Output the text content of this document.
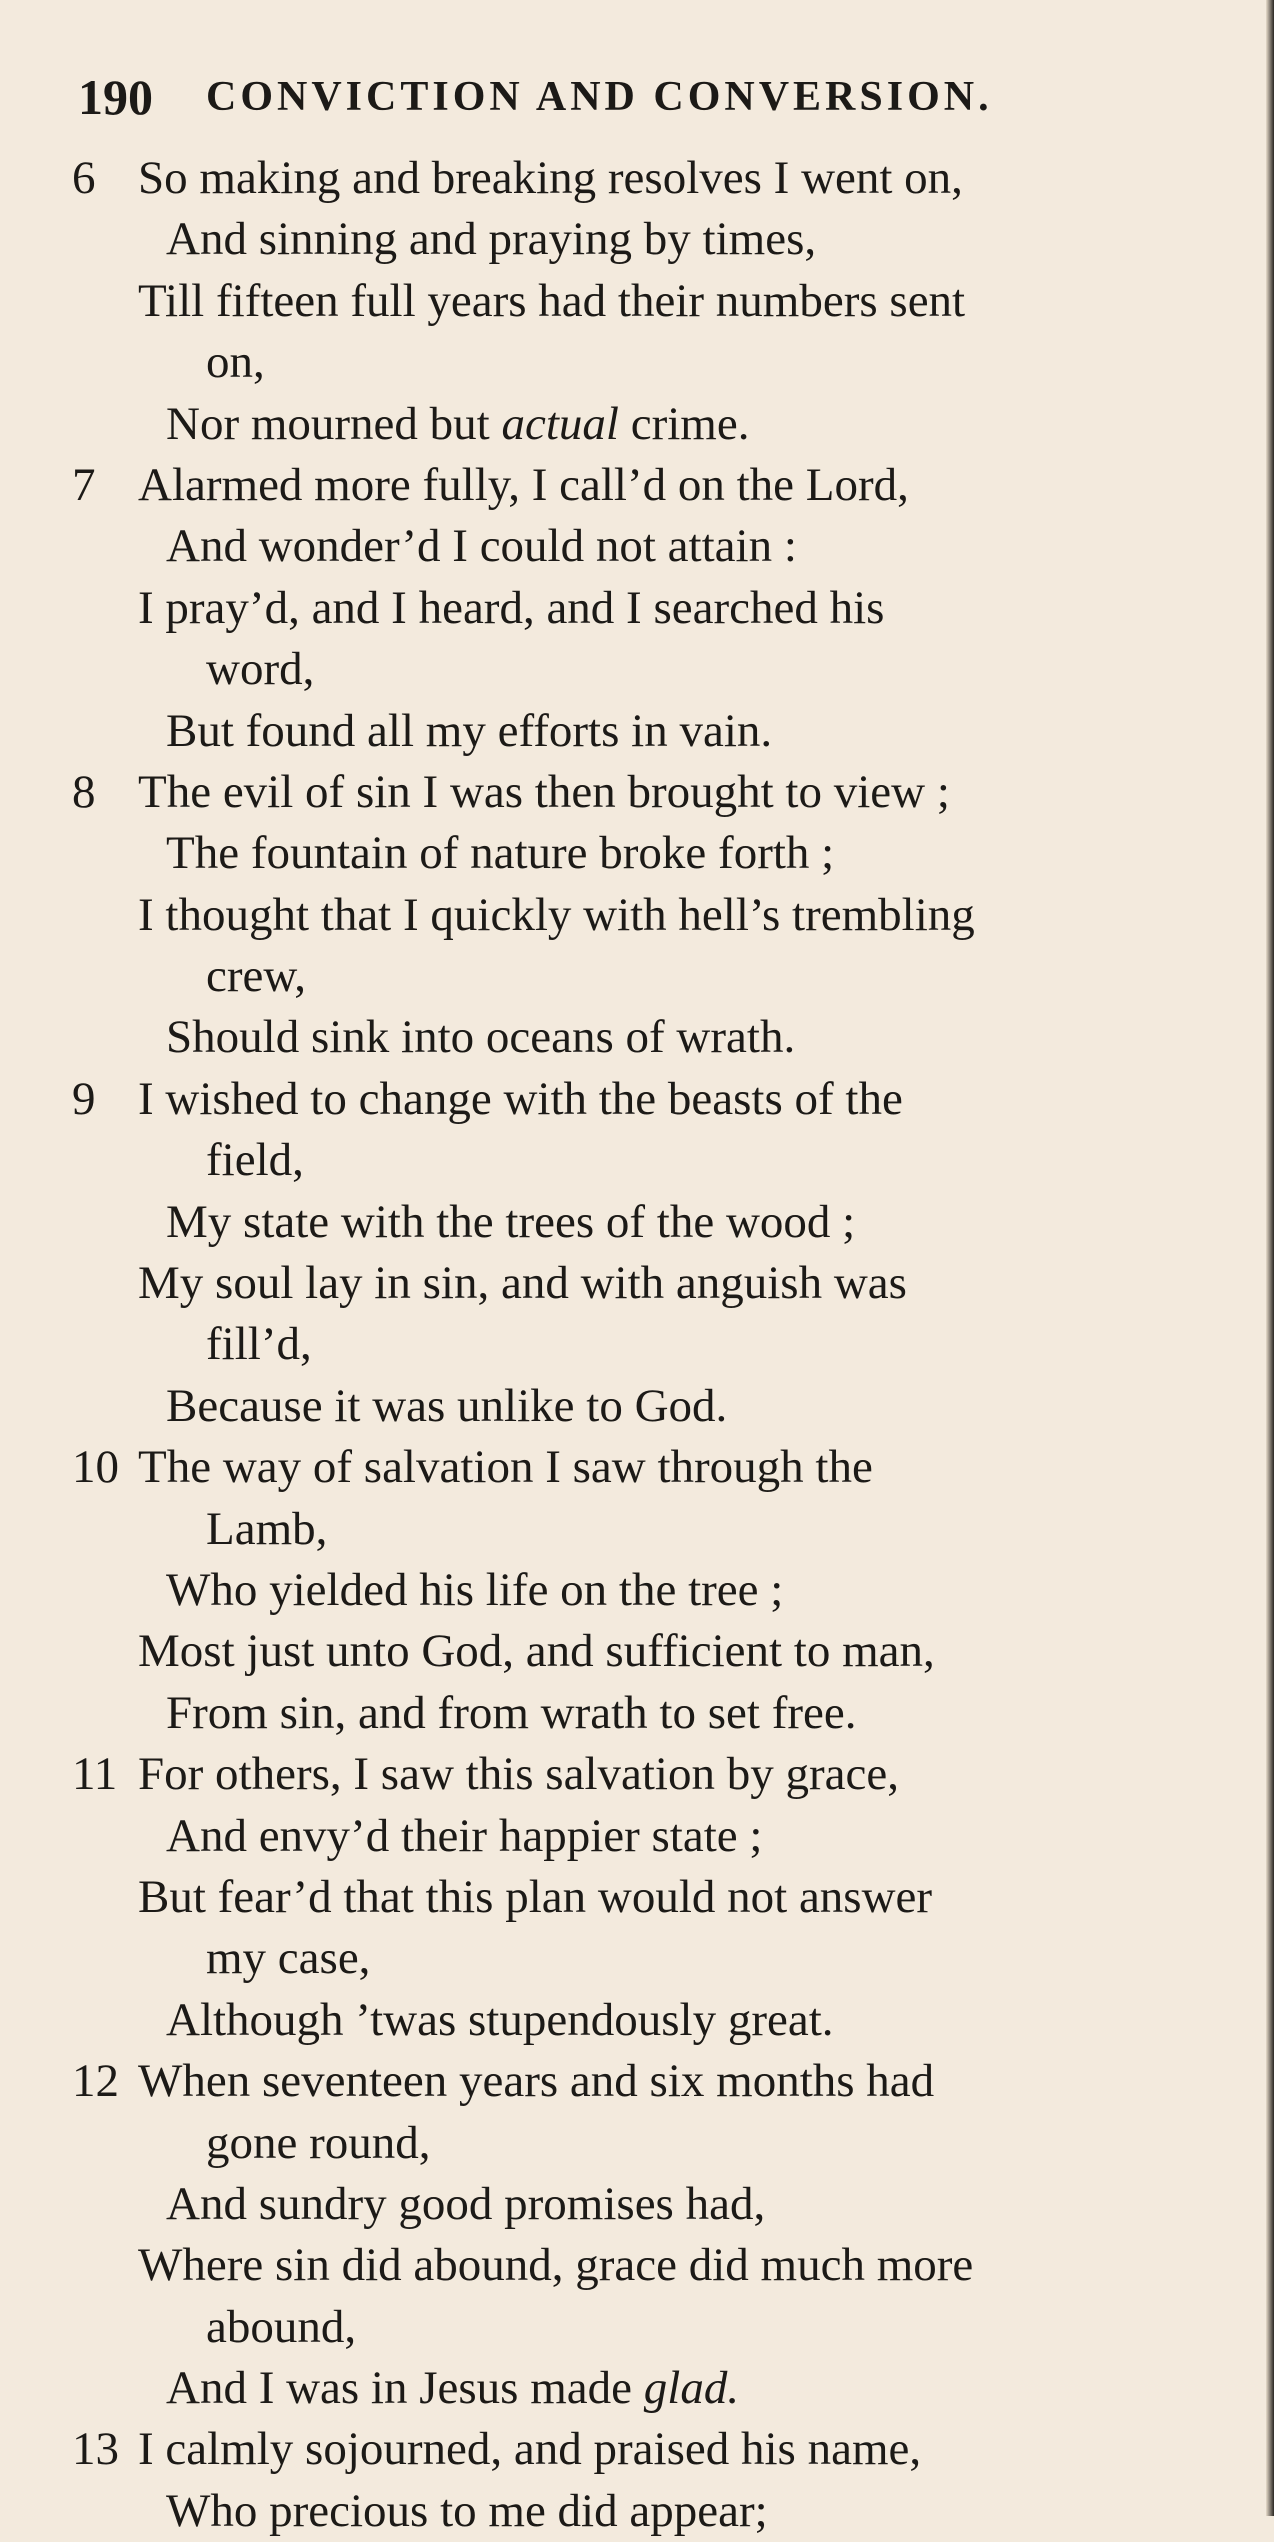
190	CONVICTION AND CONVERSION.
6 So making and breaking resolves I went on,
And sinning and praying by times,
Till fifteen full years had their numbers sent
on,
Nor mourned but actual crime.
7 Alarmed more fully, I call’d on the Lord,
And wonder’d I could not attain :
I pray’d, and I heard, and I searched his
word,
But found all my efforts in vain.
8 The evil of sin I was then brought to view ;
The fountain of nature broke forth ;
I thought that I quickly with hell’s trembling
crew,
Should sink into oceans of wrath.
9 I wished to change with the beasts of the
field,
My state with the trees of the wood ;
My soul lay in sin, and with anguish was
fill’d,
Because it was unlike to God.
10 The way of salvation I saw through the
Lamb,
Who yielded his life on the tree ;
Most just unto God, and sufficient to man,
From sin, and from wrath to set free.
11 For others, I saw this salvation by grace,
And envy’d their happier state ;
But fear’d that this plan would not answer
my case,
Although ’twas stupendously great.
12 When seventeen years and six months had
gone round,
And sundry good promises had,
Where sin did abound, grace did much more
abound,
And I was in Jesus made glad.
13 I calmly sojourned, and praised his name,
Who precious to me did appear;
